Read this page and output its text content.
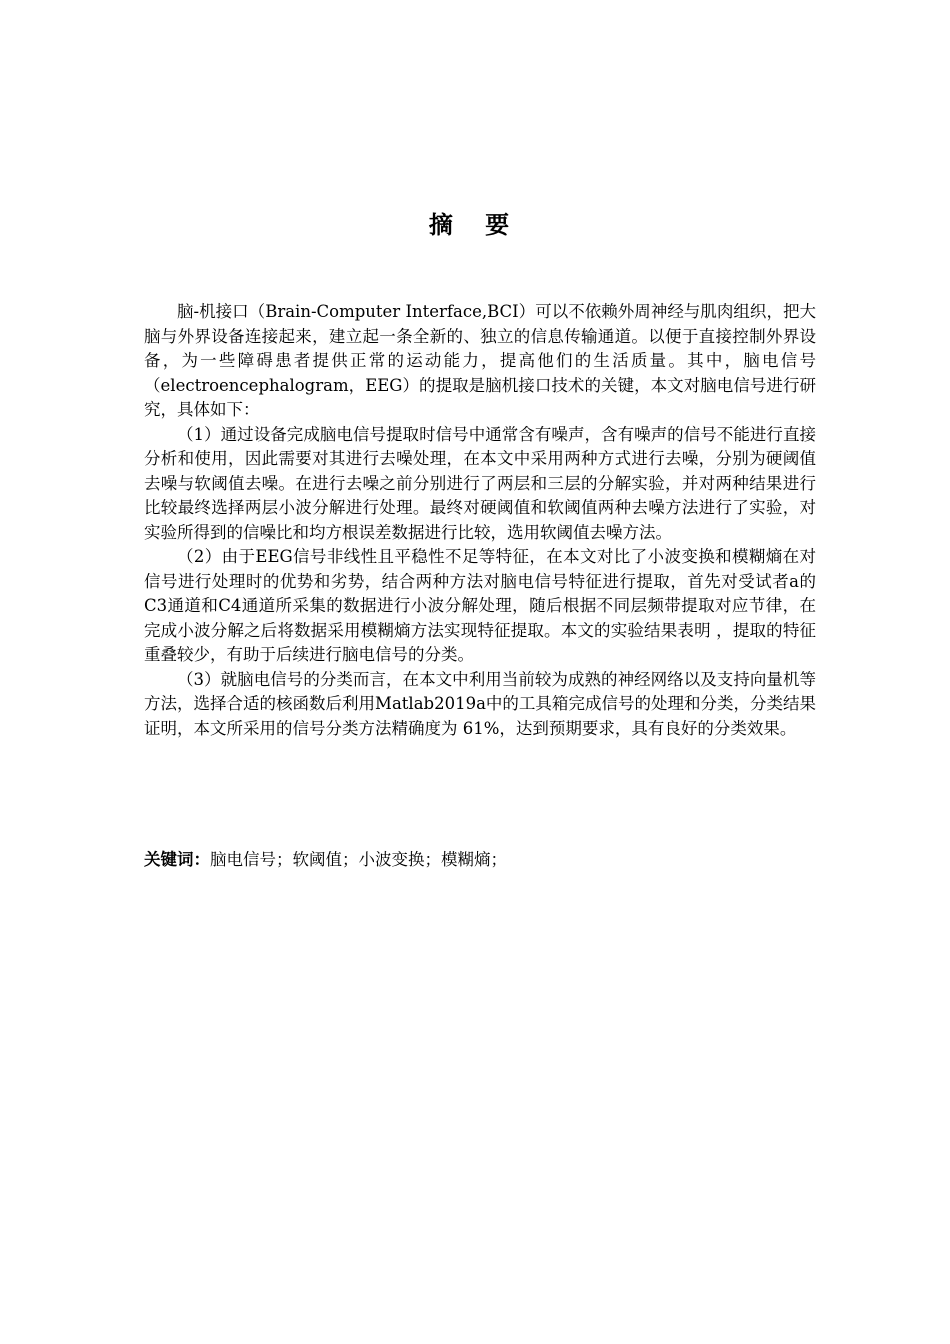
摘 要

脑-机接口（Brain-Computer Interface,BCI）可以不依赖外周神经与肌肉组织，把大脑与外界设备连接起来，建立起一条全新的、独立的信息传输通道。以便于直接控制外界设备，为一些障碍患者提供正常的运动能力，提高他们的生活质量。其中，脑电信号（electroencephalogram，EEG）的提取是脑机接口技术的关键，本文对脑电信号进行研究，具体如下：

（1）通过设备完成脑电信号提取时信号中通常含有噪声，含有噪声的信号不能进行直接分析和使用，因此需要对其进行去噪处理，在本文中采用两种方式进行去噪，分别为硬阈值去噪与软阈值去噪。在进行去噪之前分别进行了两层和三层的分解实验，并对两种结果进行比较最终选择两层小波分解进行处理。最终对硬阈值和软阈值两种去噪方法进行了实验，对实验所得到的信噪比和均方根误差数据进行比较，选用软阈值去噪方法。

（2）由于EEG信号非线性且平稳性不足等特征，在本文对比了小波变换和模糊熵在对信号进行处理时的优势和劣势，结合两种方法对脑电信号特征进行提取，首先对受试者a的C3通道和C4通道所采集的数据进行小波分解处理，随后根据不同层频带提取对应节律，在完成小波分解之后将数据采用模糊熵方法实现特征提取。本文的实验结果表明 ，提取的特征重叠较少，有助于后续进行脑电信号的分类。

（3）就脑电信号的分类而言，在本文中利用当前较为成熟的神经网络以及支持向量机等方法，选择合适的核函数后利用Matlab2019a中的工具箱完成信号的处理和分类，分类结果证明，本文所采用的信号分类方法精确度为 61%，达到预期要求，具有良好的分类效果。

关键词：脑电信号；软阈值；小波变换；模糊熵；
